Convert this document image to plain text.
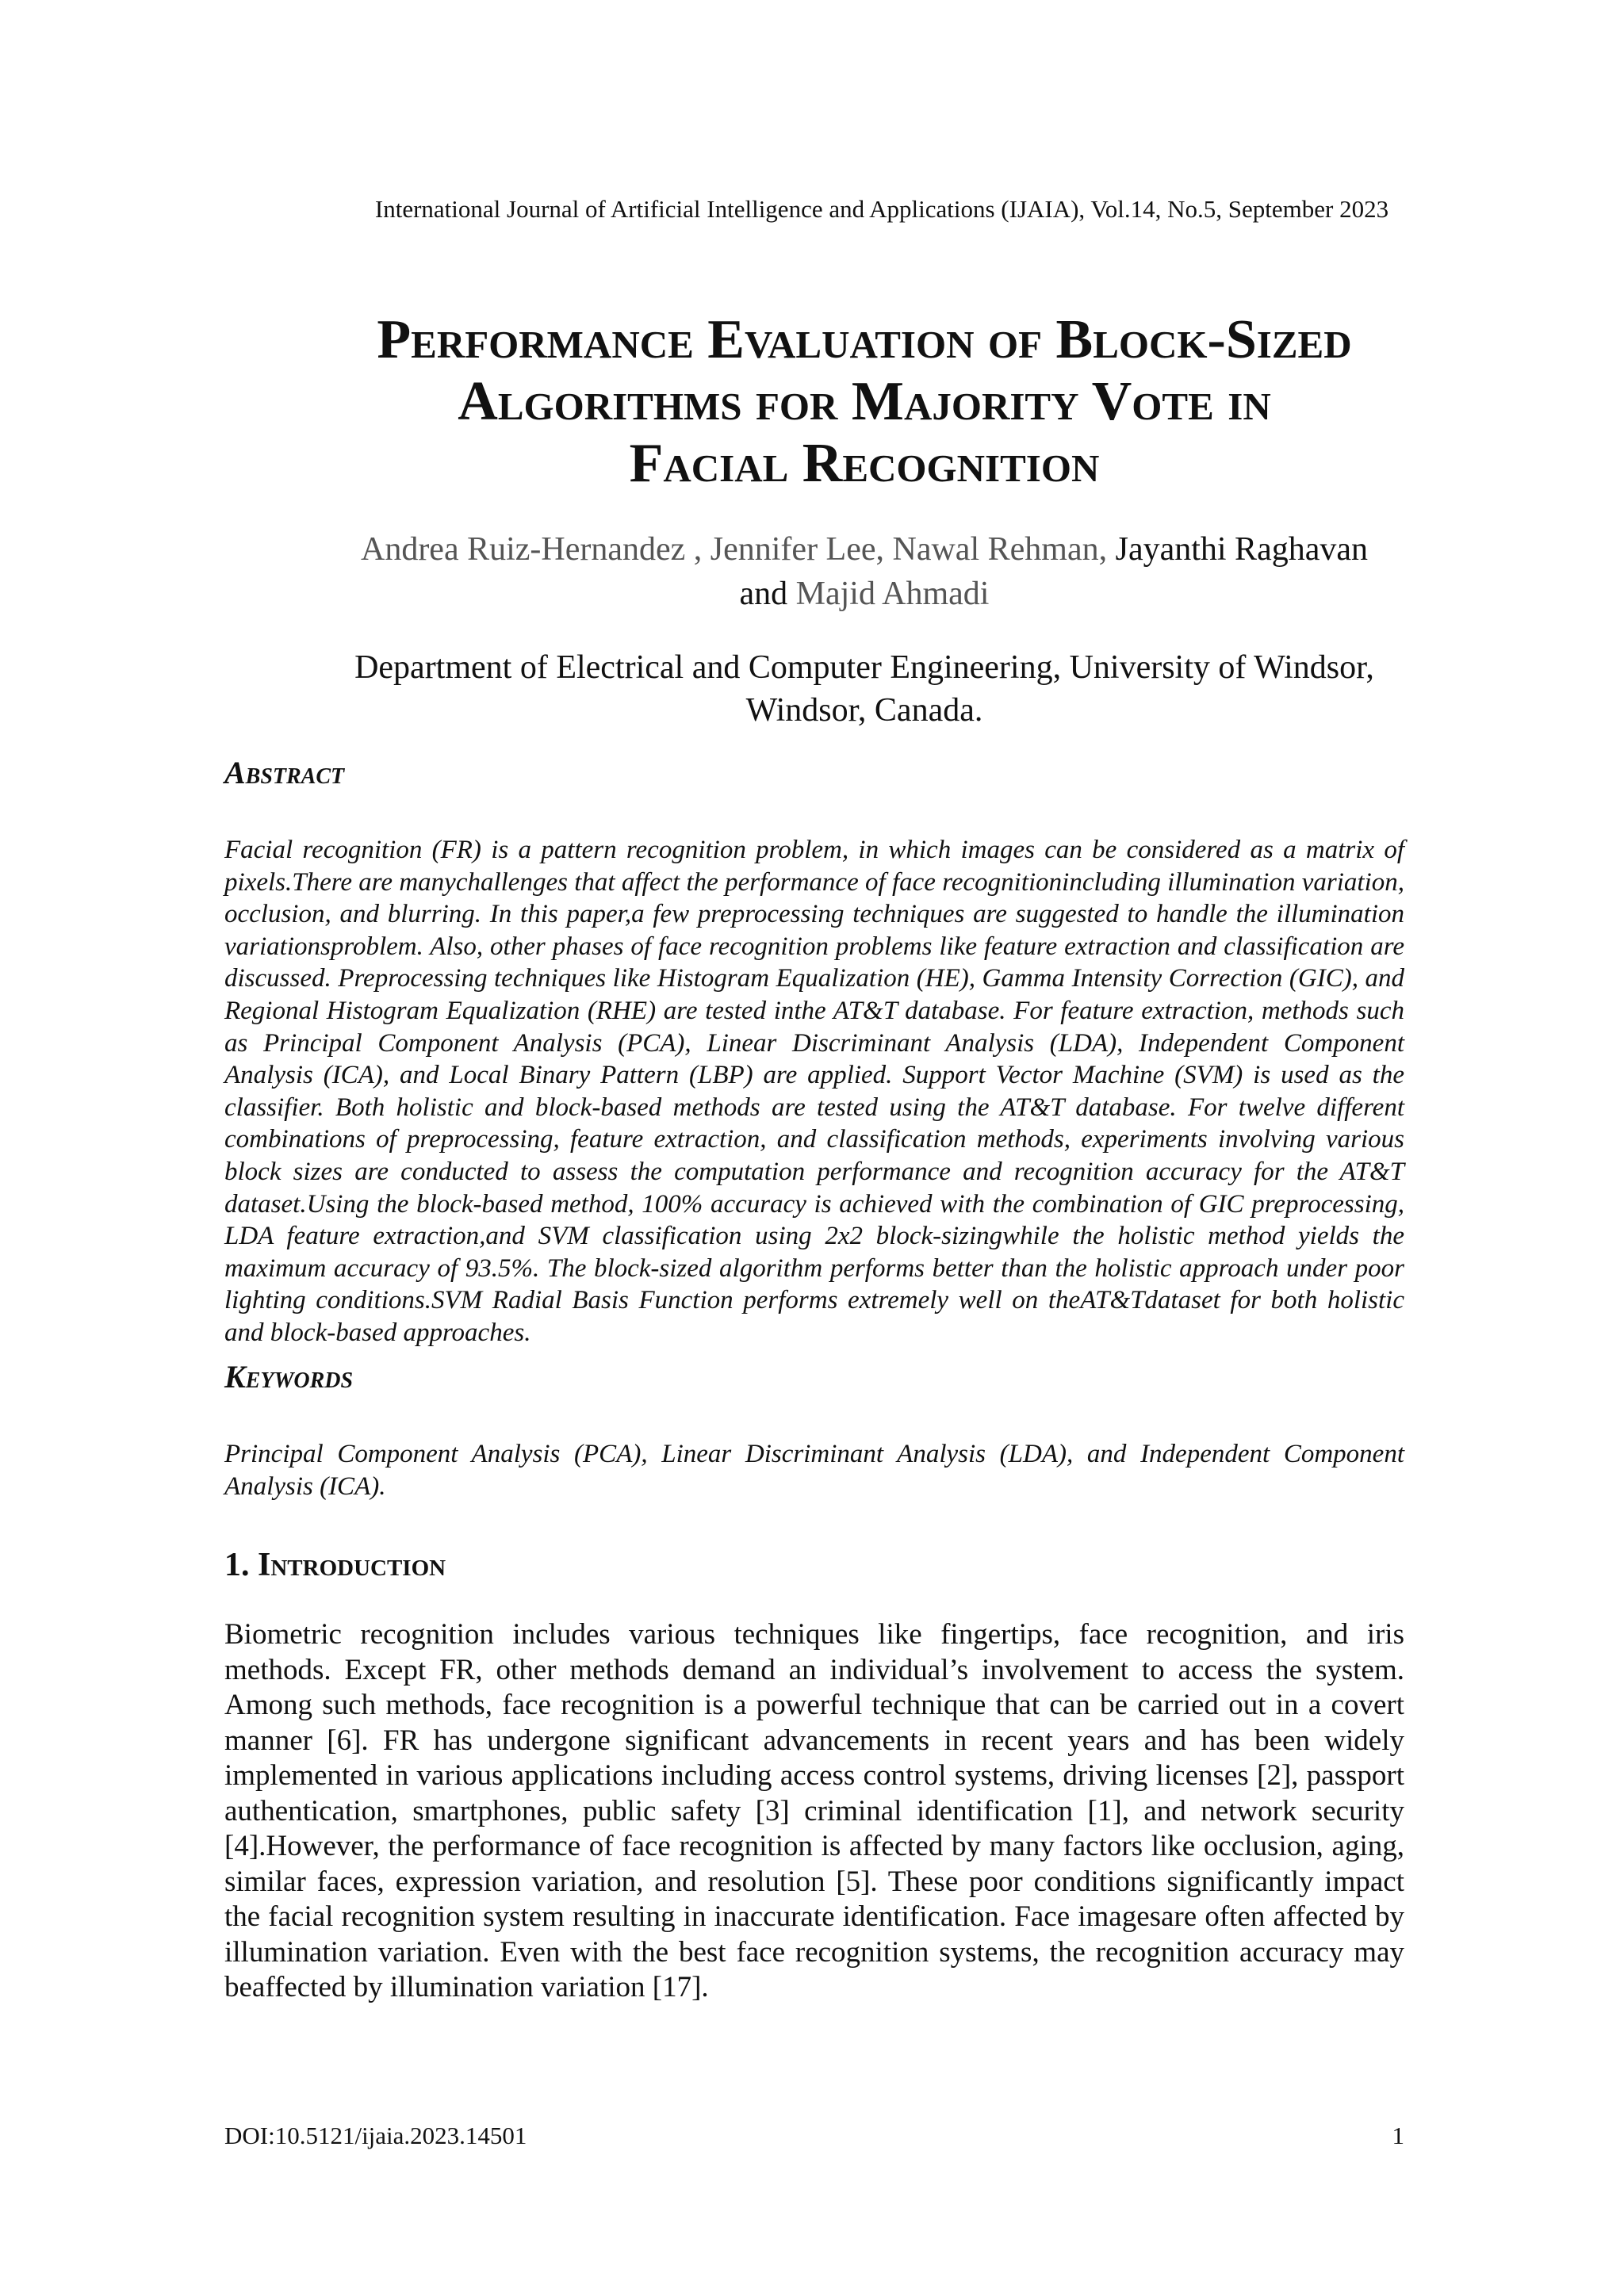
International Journal of Artificial Intelligence and Applications (IJAIA), Vol.14, No.5, September 2023
Performance Evaluation of Block-Sized
Algorithms for Majority Vote in
Facial Recognition
Andrea Ruiz-Hernandez , Jennifer Lee, Nawal Rehman, Jayanthi Raghavan
and Majid Ahmadi
Department of Electrical and Computer Engineering, University of Windsor,
Windsor, Canada.
Abstract
Facial recognition (FR) is a pattern recognition problem, in which images can be considered as a matrix of pixels.There are manychallenges that affect the performance of face recognitionincluding illumination variation, occlusion, and blurring. In this paper,a few preprocessing techniques are suggested to handle the illumination variationsproblem. Also, other phases of face recognition problems like feature extraction and classification are discussed. Preprocessing techniques like Histogram Equalization (HE), Gamma Intensity Correction (GIC), and Regional Histogram Equalization (RHE) are tested inthe AT&T database. For feature extraction, methods such as Principal Component Analysis (PCA), Linear Discriminant Analysis (LDA), Independent Component Analysis (ICA), and Local Binary Pattern (LBP) are applied. Support Vector Machine (SVM) is used as the classifier. Both holistic and block-based methods are tested using the AT&T database. For twelve different combinations of preprocessing, feature extraction, and classification methods, experiments involving various block sizes are conducted to assess the computation performance and recognition accuracy for the AT&T dataset.Using the block-based method, 100% accuracy is achieved with the combination of GIC preprocessing, LDA feature extraction,and SVM classification using 2x2 block-sizingwhile the holistic method yields the maximum accuracy of 93.5%. The block-sized algorithm performs better than the holistic approach under poor lighting conditions.SVM Radial Basis Function performs extremely well on theAT&Tdataset for both holistic and block-based approaches.
Keywords
Principal Component Analysis (PCA), Linear Discriminant Analysis (LDA), and Independent Component Analysis (ICA).
1. Introduction
Biometric recognition includes various techniques like fingertips, face recognition, and iris methods. Except FR, other methods demand an individual’s involvement to access the system. Among such methods, face recognition is a powerful technique that can be carried out in a covert manner [6]. FR has undergone significant advancements in recent years and has been widely implemented in various applications including access control systems, driving licenses [2], passport authentication, smartphones, public safety [3] criminal identification [1], and network security [4].However, the performance of face recognition is affected by many factors like occlusion, aging, similar faces, expression variation, and resolution [5]. These poor conditions significantly impact the facial recognition system resulting in inaccurate identification. Face imagesare often affected by illumination variation. Even with the best face recognition systems, the recognition accuracy may beaffected by illumination variation [17].
DOI:10.5121/ijaia.2023.14501	1
